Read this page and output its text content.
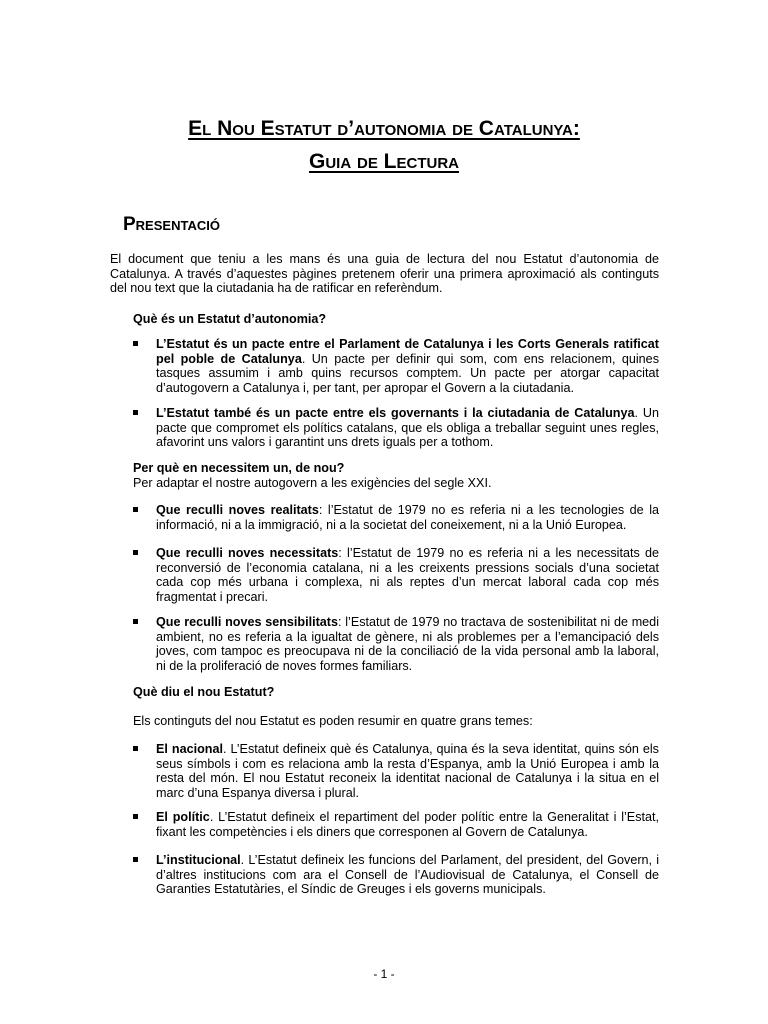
El Nou Estatut d’autonomia de Catalunya:
Guia de Lectura
Presentació
El document que teniu a les mans és una guia de lectura del nou Estatut d’autonomia de Catalunya. A través d’aquestes pàgines pretenem oferir una primera aproximació als continguts del nou text que la ciutadania ha de ratificar en referèndum.
Què és un Estatut d’autonomia?
L’Estatut és un pacte entre el Parlament de Catalunya i les Corts Generals ratificat pel poble de Catalunya. Un pacte per definir qui som, com ens relacionem, quines tasques assumim i amb quins recursos comptem. Un pacte per atorgar capacitat d’autogovern a Catalunya i, per tant, per apropar el Govern a la ciutadania.
L’Estatut també és un pacte entre els governants i la ciutadania de Catalunya. Un pacte que compromet els polítics catalans, que els obliga a treballar seguint unes regles, afavorint uns valors i garantint uns drets iguals per a tothom.
Per què en necessitem un, de nou?
Per adaptar el nostre autogovern a les exigències del segle XXI.
Que reculli noves realitats: l’Estatut de 1979 no es referia ni a les tecnologies de la informació, ni a la immigració, ni a la societat del coneixement, ni a la Unió Europea.
Que reculli noves necessitats: l’Estatut de 1979 no es referia ni a les necessitats de reconversió de l’economia catalana, ni a les creixents pressions socials d’una societat cada cop més urbana i complexa, ni als reptes d’un mercat laboral cada cop més fragmentat i precari.
Que reculli noves sensibilitats: l’Estatut de 1979 no tractava de sostenibilitat ni de medi ambient, no es referia a la igualtat de gènere, ni als problemes per a l’emancipació dels joves, com tampoc es preocupava ni de la conciliació de la vida personal amb la laboral, ni de la proliferació de noves formes familiars.
Què diu el nou Estatut?
Els continguts del nou Estatut es poden resumir en quatre grans temes:
El nacional. L’Estatut defineix què és Catalunya, quina és la seva identitat, quins són els seus símbols i com es relaciona amb la resta d’Espanya, amb la Unió Europea i amb la resta del món. El nou Estatut reconeix la identitat nacional de Catalunya i la situa en el marc d’una Espanya diversa i plural.
El polític. L’Estatut defineix el repartiment del poder polític entre la Generalitat i l’Estat, fixant les competències i els diners que corresponen al Govern de Catalunya.
L’institucional. L’Estatut defineix les funcions del Parlament, del president, del Govern, i d’altres institucions com ara el Consell de l’Audiovisual de Catalunya, el Consell de Garanties Estatutàries, el Síndic de Greuges i els governs municipals.
- 1 -
